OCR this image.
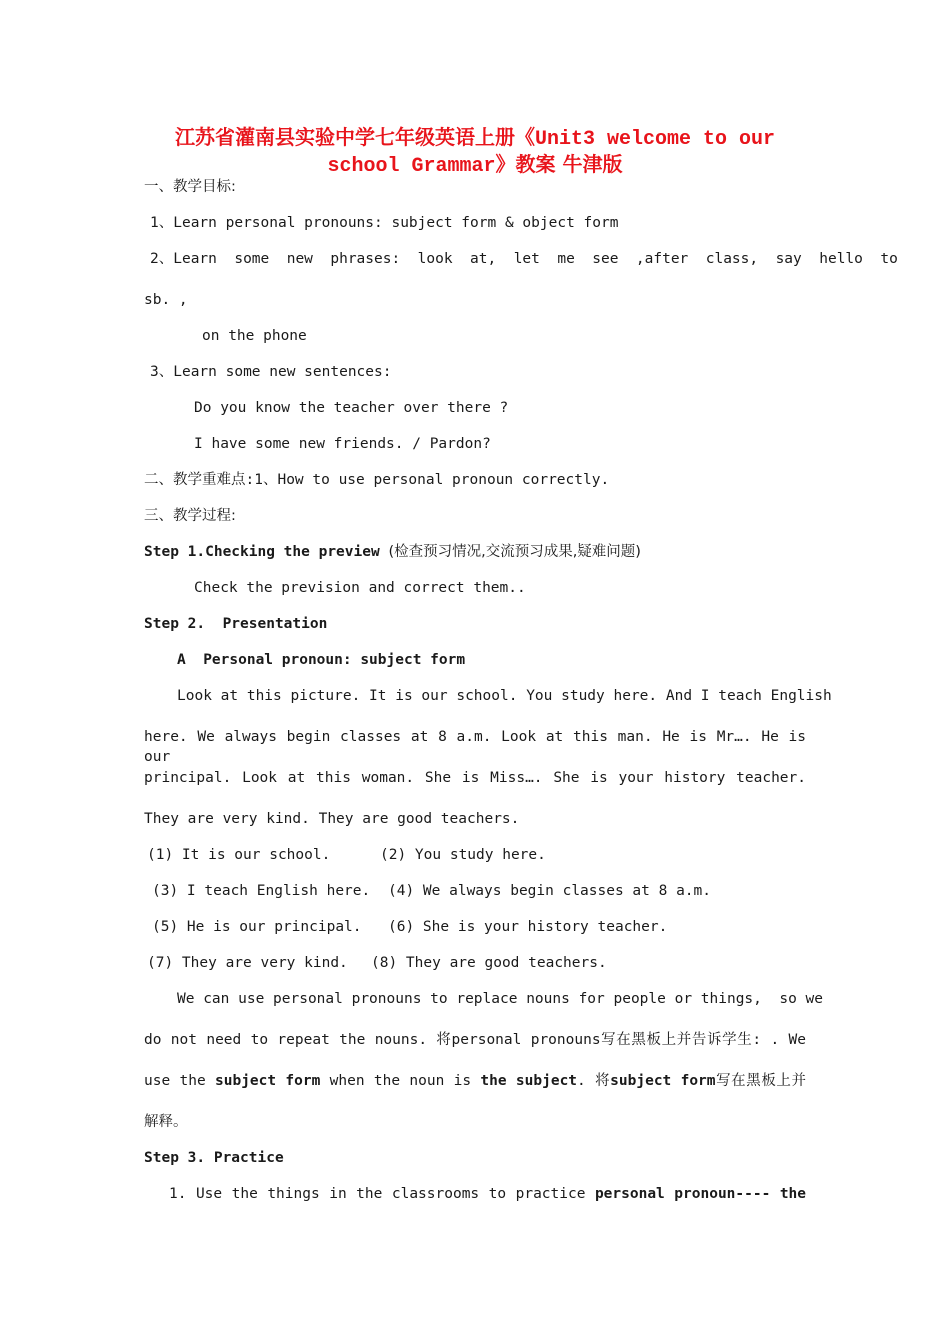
江苏省灌南县实验中学七年级英语上册《Unit3 welcome to our
school Grammar》教案 牛津版
一、教学目标:
1、Learn personal pronouns: subject form & object form
2、Learn  some  new  phrases:  look  at,  let  me  see  ,after  class,  say  hello  to
sb. ,
on the phone
3、Learn some new sentences:
Do you know the teacher over there ?
I have some new friends. / Pardon?
二、教学重难点:1、How to use personal pronoun correctly.
三、教学过程:
Step 1.Checking the preview (检查预习情况,交流预习成果,疑难问题)
Check the prevision and correct them..
Step 2.  Presentation
A  Personal pronoun: subject form
Look at this picture. It is our school. You study here. And I teach English
here. We always begin classes at 8 a.m. Look at this man. He is Mr…. He is our
principal. Look at this woman. She is Miss…. She is your history teacher.
They are very kind. They are good teachers.
(1) It is our school.	(2) You study here.
(3) I teach English here. (4) We always begin classes at 8 a.m.
(5) He is our principal. (6) She is your history teacher.
(7) They are very kind. (8) They are good teachers.
We can use personal pronouns to replace nouns for people or things,  so we
do not need to repeat the nouns. 将personal pronouns写在黑板上并告诉学生: . We
use the subject form when the noun is the subject. 将subject form写在黑板上并
解释。
Step 3. Practice
1. Use the things in the classrooms to practice personal pronoun---- the
